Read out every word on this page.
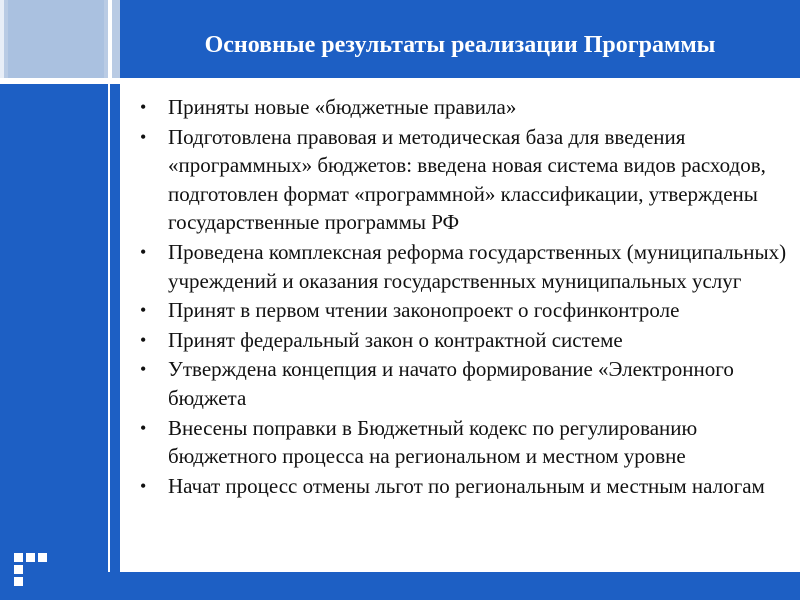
Основные результаты реализации Программы
• Приняты новые «бюджетные правила»
• Подготовлена правовая и методическая база для введения «программных» бюджетов: введена новая система видов расходов, подготовлен формат «программной» классификации, утверждены государственные программы РФ
• Проведена комплексная реформа государственных (муниципальных) учреждений и оказания государственных муниципальных услуг
• Принят в первом чтении законопроект о госфинконтроле
• Принят федеральный закон о контрактной системе
• Утверждена концепция и начато формирование «Электронного бюджета
• Внесены поправки в Бюджетный кодекс по регулированию бюджетного процесса на региональном и местном уровне
• Начат процесс отмены льгот по региональным и местным налогам
